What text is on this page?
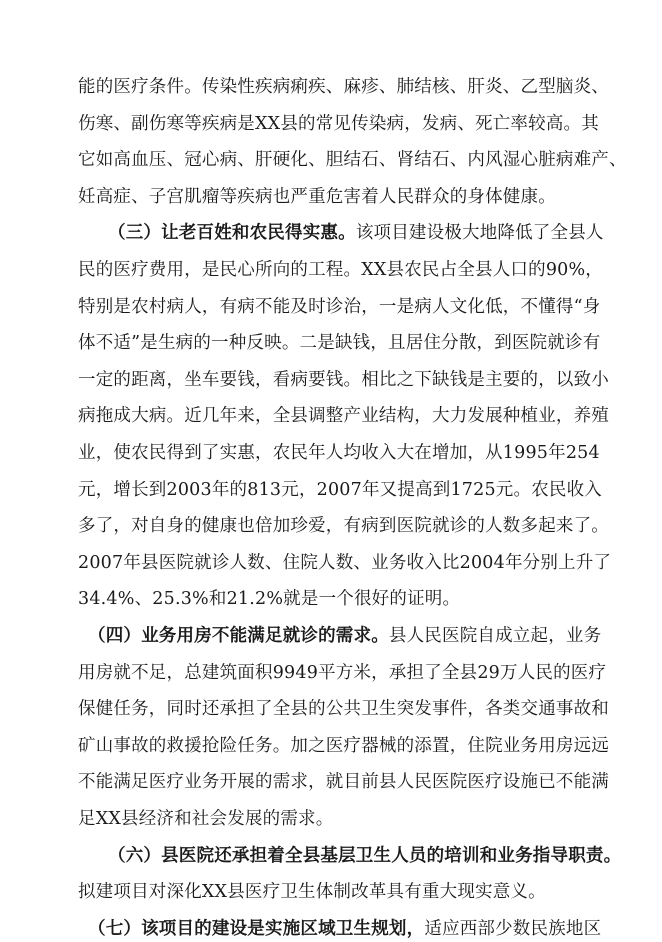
能的医疗条件。传染性疾病痢疾、麻疹、肺结核、肝炎、乙型脑炎、
伤寒、副伤寒等疾病是XX县的常见传染病，发病、死亡率较高。其
它如高血压、冠心病、肝硬化、胆结石、肾结石、内风湿心脏病难产、
妊高症、子宫肌瘤等疾病也严重危害着人民群众的身体健康。
（三）让老百姓和农民得实惠。该项目建设极大地降低了全县人
民的医疗费用，是民心所向的工程。XX县农民占全县人口的90%，
特别是农村病人，有病不能及时诊治，一是病人文化低，不懂得“身
体不适”是生病的一种反映。二是缺钱，且居住分散，到医院就诊有
一定的距离，坐车要钱，看病要钱。相比之下缺钱是主要的，以致小
病拖成大病。近几年来，全县调整产业结构，大力发展种植业，养殖
业，使农民得到了实惠，农民年人均收入大在增加，从1995年254
元，增长到2003年的813元，2007年又提高到1725元。农民收入
多了，对自身的健康也倍加珍爱，有病到医院就诊的人数多起来了。
2007年县医院就诊人数、住院人数、业务收入比2004年分别上升了
34.4%、25.3%和21.2%就是一个很好的证明。
（四）业务用房不能满足就诊的需求。县人民医院自成立起，业务
用房就不足，总建筑面积9949平方米，承担了全县29万人民的医疗
保健任务，同时还承担了全县的公共卫生突发事件，各类交通事故和
矿山事故的救援抢险任务。加之医疗器械的添置，住院业务用房远远
不能满足医疗业务开展的需求，就目前县人民医院医疗设施已不能满
足XX县经济和社会发展的需求。
（六）县医院还承担着全县基层卫生人员的培训和业务指导职责。
拟建项目对深化XX县医疗卫生体制改革具有重大现实意义。
（七）该项目的建设是实施区域卫生规划，适应西部少数民族地区
